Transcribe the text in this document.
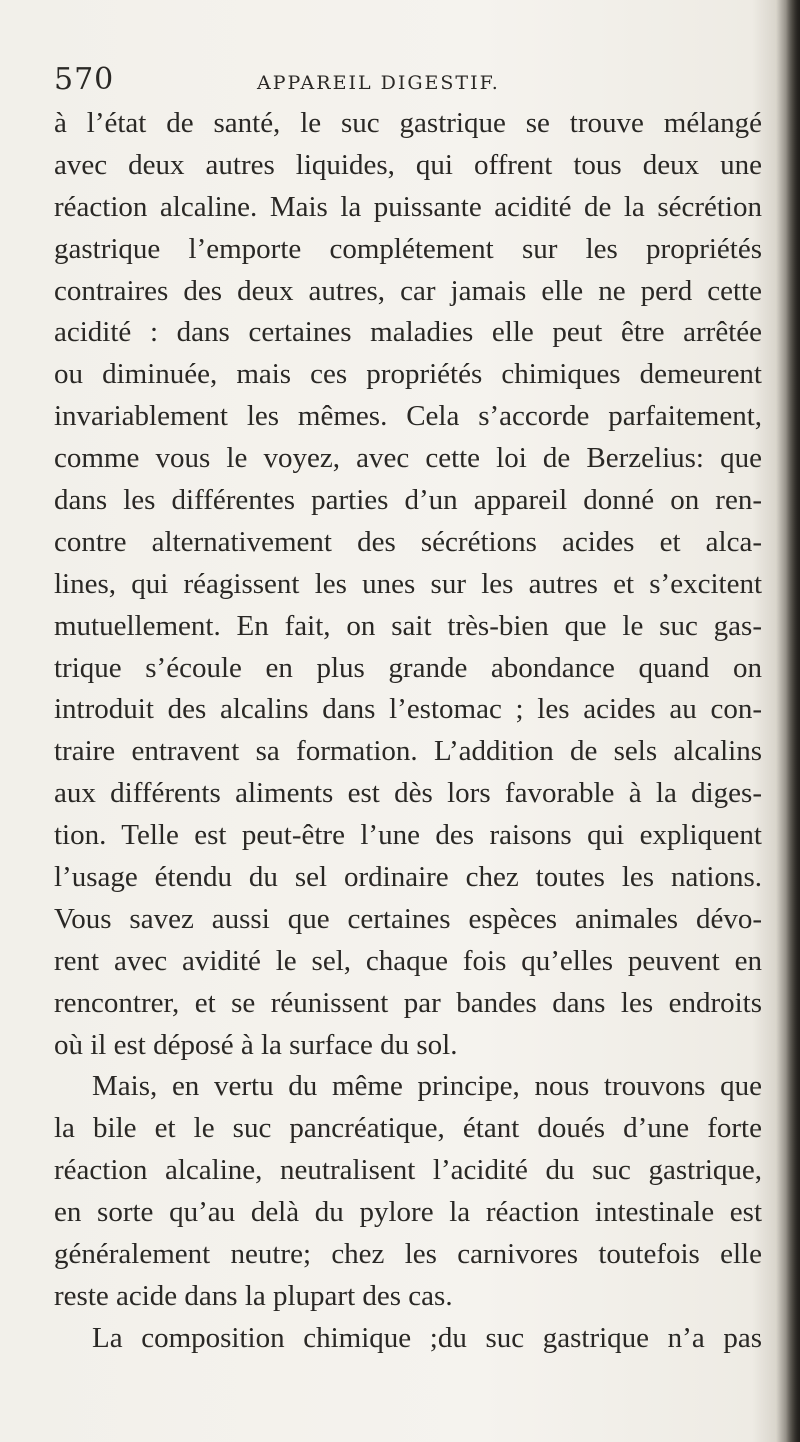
570	APPAREIL DIGESTIF.
à l’état de santé, le suc gastrique se trouve mélangé
avec deux autres liquides, qui offrent tous deux une
réaction alcaline. Mais la puissante acidité de la sécrétion
gastrique l’emporte complétement sur les propriétés
contraires des deux autres, car jamais elle ne perd cette
acidité : dans certaines maladies elle peut être arrêtée
ou diminuée, mais ces propriétés chimiques demeurent
invariablement les mêmes. Cela s’accorde parfaitement,
comme vous le voyez, avec cette loi de Berzelius: que
dans les différentes parties d’un appareil donné on ren-
contre alternativement des sécrétions acides et alca-
lines, qui réagissent les unes sur les autres et s’excitent
mutuellement. En fait, on sait très-bien que le suc gas-
trique s’écoule en plus grande abondance quand on
introduit des alcalins dans l’estomac ; les acides au con-
traire entravent sa formation. L’addition de sels alcalins
aux différents aliments est dès lors favorable à la diges-
tion. Telle est peut-être l’une des raisons qui expliquent
l’usage étendu du sel ordinaire chez toutes les nations.
Vous savez aussi que certaines espèces animales dévo-
rent avec avidité le sel, chaque fois qu’elles peuvent en
rencontrer, et se réunissent par bandes dans les endroits
où il est déposé à la surface du sol.
Mais, en vertu du même principe, nous trouvons que
la bile et le suc pancréatique, étant doués d’une forte
réaction alcaline, neutralisent l’acidité du suc gastrique,
en sorte qu’au delà du pylore la réaction intestinale est
généralement neutre; chez les carnivores toutefois elle
reste acide dans la plupart des cas.
La composition chimique ;du suc gastrique n’a pas
